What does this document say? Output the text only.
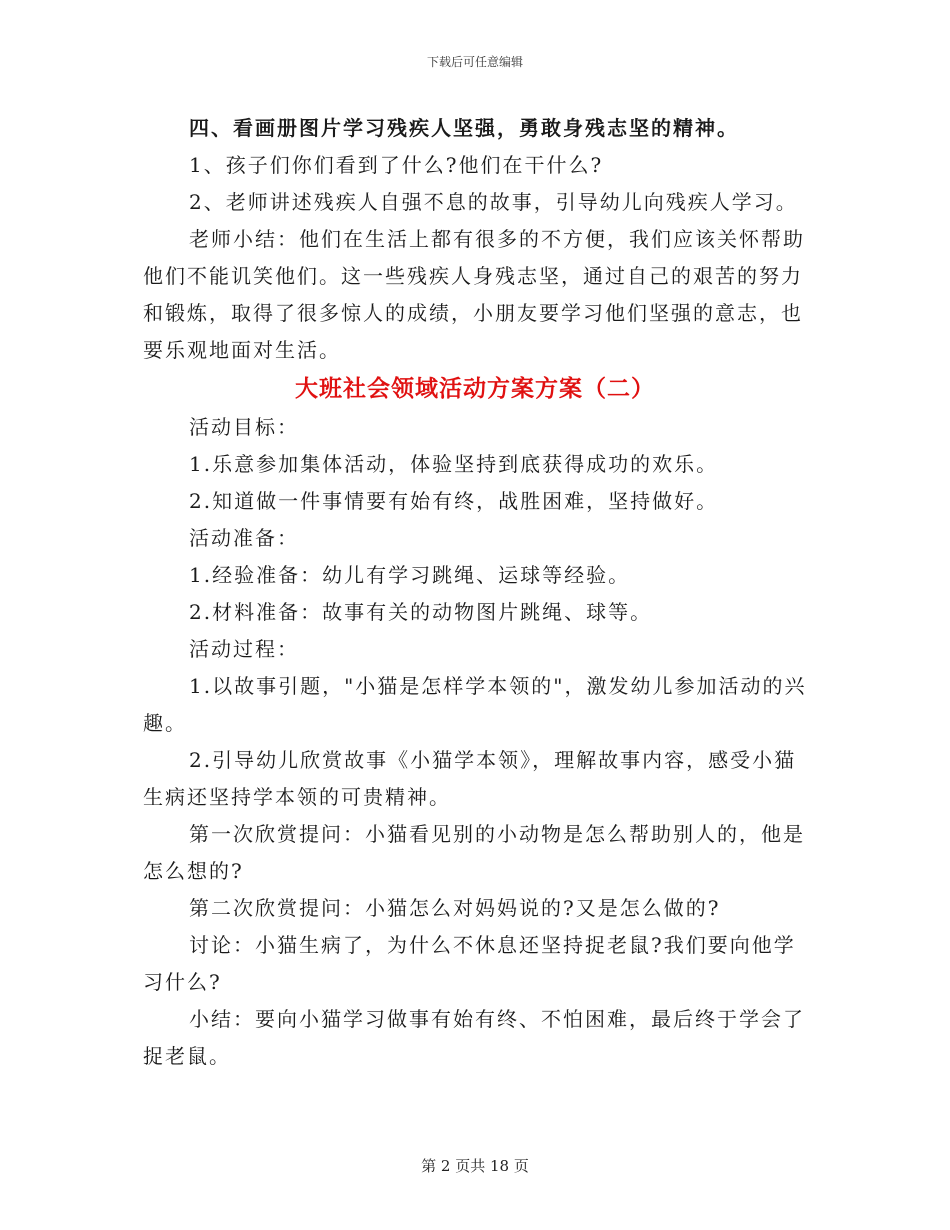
下载后可任意编辑
四、看画册图片学习残疾人坚强，勇敢身残志坚的精神。
1、孩子们你们看到了什么?他们在干什么?
2、老师讲述残疾人自强不息的故事，引导幼儿向残疾人学习。
老师小结：他们在生活上都有很多的不方便，我们应该关怀帮助他们不能讥笑他们。这一些残疾人身残志坚，通过自己的艰苦的努力和锻炼，取得了很多惊人的成绩，小朋友要学习他们坚强的意志，也要乐观地面对生活。
大班社会领域活动方案方案（二）
活动目标：
1.乐意参加集体活动，体验坚持到底获得成功的欢乐。
2.知道做一件事情要有始有终，战胜困难，坚持做好。
活动准备：
1.经验准备：幼儿有学习跳绳、运球等经验。
2.材料准备：故事有关的动物图片跳绳、球等。
活动过程：
1.以故事引题，"小猫是怎样学本领的"，激发幼儿参加活动的兴趣。
2.引导幼儿欣赏故事《小猫学本领》，理解故事内容，感受小猫生病还坚持学本领的可贵精神。
第一次欣赏提问：小猫看见别的小动物是怎么帮助别人的，他是怎么想的?
第二次欣赏提问：小猫怎么对妈妈说的?又是怎么做的?
讨论：小猫生病了，为什么不休息还坚持捉老鼠?我们要向他学习什么?
小结：要向小猫学习做事有始有终、不怕困难，最后终于学会了捉老鼠。
第 2 页共 18 页
